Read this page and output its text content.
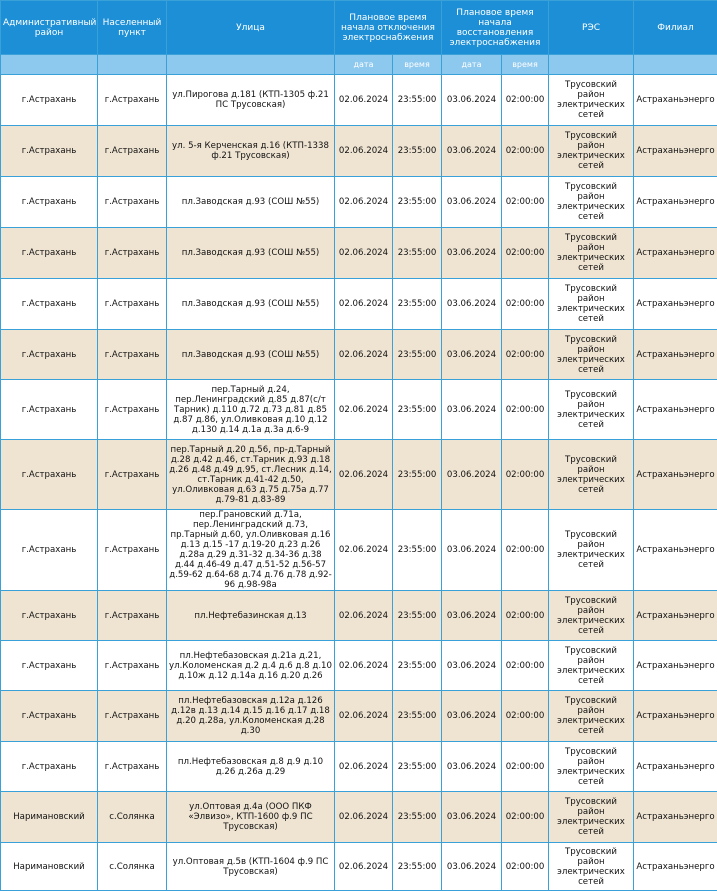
Административный район	Населенный пункт	Улица	Плановое время начала отключения электроснабжения		Плановое время начала восстановления электроснабжения		РЭС	Филиал
			дата	время	дата	время		
г.Астрахань	г.Астрахань	ул.Пирогова д.181 (КТП-1305 ф.21 ПС Трусовская)	02.06.2024	23:55:00	03.06.2024	02:00:00	Трусовский район электрических сетей	Астраханьэнерго
г.Астрахань	г.Астрахань	ул. 5-я Керченская д.16 (КТП-1338 ф.21 Трусовская)	02.06.2024	23:55:00	03.06.2024	02:00:00	Трусовский район электрических сетей	Астраханьэнерго
г.Астрахань	г.Астрахань	пл.Заводская д.93 (СОШ №55)	02.06.2024	23:55:00	03.06.2024	02:00:00	Трусовский район электрических сетей	Астраханьэнерго
г.Астрахань	г.Астрахань	пл.Заводская д.93 (СОШ №55)	02.06.2024	23:55:00	03.06.2024	02:00:00	Трусовский район электрических сетей	Астраханьэнерго
г.Астрахань	г.Астрахань	пл.Заводская д.93 (СОШ №55)	02.06.2024	23:55:00	03.06.2024	02:00:00	Трусовский район электрических сетей	Астраханьэнерго
г.Астрахань	г.Астрахань	пл.Заводская д.93 (СОШ №55)	02.06.2024	23:55:00	03.06.2024	02:00:00	Трусовский район электрических сетей	Астраханьэнерго
г.Астрахань	г.Астрахань	пер.Тарный д.24, пер.Ленинградский д.85 д.87(с/т Тарник) д.110 д.72 д.73 д.81 д.85 д.87 д.86, ул.Оливковая д.10 д.12 д.130 д.14 д.1а д.3а д.6-9	02.06.2024	23:55:00	03.06.2024	02:00:00	Трусовский район электрических сетей	Астраханьэнерго
г.Астрахань	г.Астрахань	пер.Тарный д.20 д.56, пр-д.Тарный д.28 д.42 д.46, ст.Тарник д.93 д.18 д.26 д.48 д.49 д.95, ст.Лесник д.14, ст.Тарник д.41-42 д.50, ул.Оливковая д.63 д.75 д.75а д.77 д.79-81 д.83-89	02.06.2024	23:55:00	03.06.2024	02:00:00	Трусовский район электрических сетей	Астраханьэнерго
г.Астрахань	г.Астрахань	пер.Грановский д.71а, пер.Ленинградский д.73, пр.Тарный д.60, ул.Оливковая д.16 д.13 д.15 -17 д.19-20 д.23 д.26 д.28а д.29 д.31-32 д.34-36 д.38 д.44 д.46-49 д.47 д.51-52 д.56-57 д.59-62 д.64-68 д.74 д.76 д.78 д.92-96 д.98-98а	02.06.2024	23:55:00	03.06.2024	02:00:00	Трусовский район электрических сетей	Астраханьэнерго
г.Астрахань	г.Астрахань	пл.Нефтебазинская д.13	02.06.2024	23:55:00	03.06.2024	02:00:00	Трусовский район электрических сетей	Астраханьэнерго
г.Астрахань	г.Астрахань	пл.Нефтебазовская д.21а д.21, ул.Коломенская д.2 д.4 д.6 д.8 д.10 д.10ж д.12 д.14а д.16 д.20 д.26	02.06.2024	23:55:00	03.06.2024	02:00:00	Трусовский район электрических сетей	Астраханьэнерго
г.Астрахань	г.Астрахань	пл.Нефтебазовская д.12а д.126 д.12в д.13 д.14 д.15 д.16 д.17 д.18 д.20 д.28а, ул.Коломенская д.28 д.30	02.06.2024	23:55:00	03.06.2024	02:00:00	Трусовский район электрических сетей	Астраханьэнерго
г.Астрахань	г.Астрахань	пл.Нефтебазовская д.8 д.9 д.10 д.26 д.26а д.29	02.06.2024	23:55:00	03.06.2024	02:00:00	Трусовский район электрических сетей	Астраханьэнерго
Наримановский	с.Солянка	ул.Оптовая д.4а (ООО ПКФ «Элвизо», КТП-1600 ф.9 ПС Трусовская)	02.06.2024	23:55:00	03.06.2024	02:00:00	Трусовский район электрических сетей	Астраханьэнерго
Наримановский	с.Солянка	ул.Оптовая д.5в (КТП-1604 ф.9 ПС Трусовская)	02.06.2024	23:55:00	03.06.2024	02:00:00	Трусовский район электрических сетей	Астраханьэнерго
